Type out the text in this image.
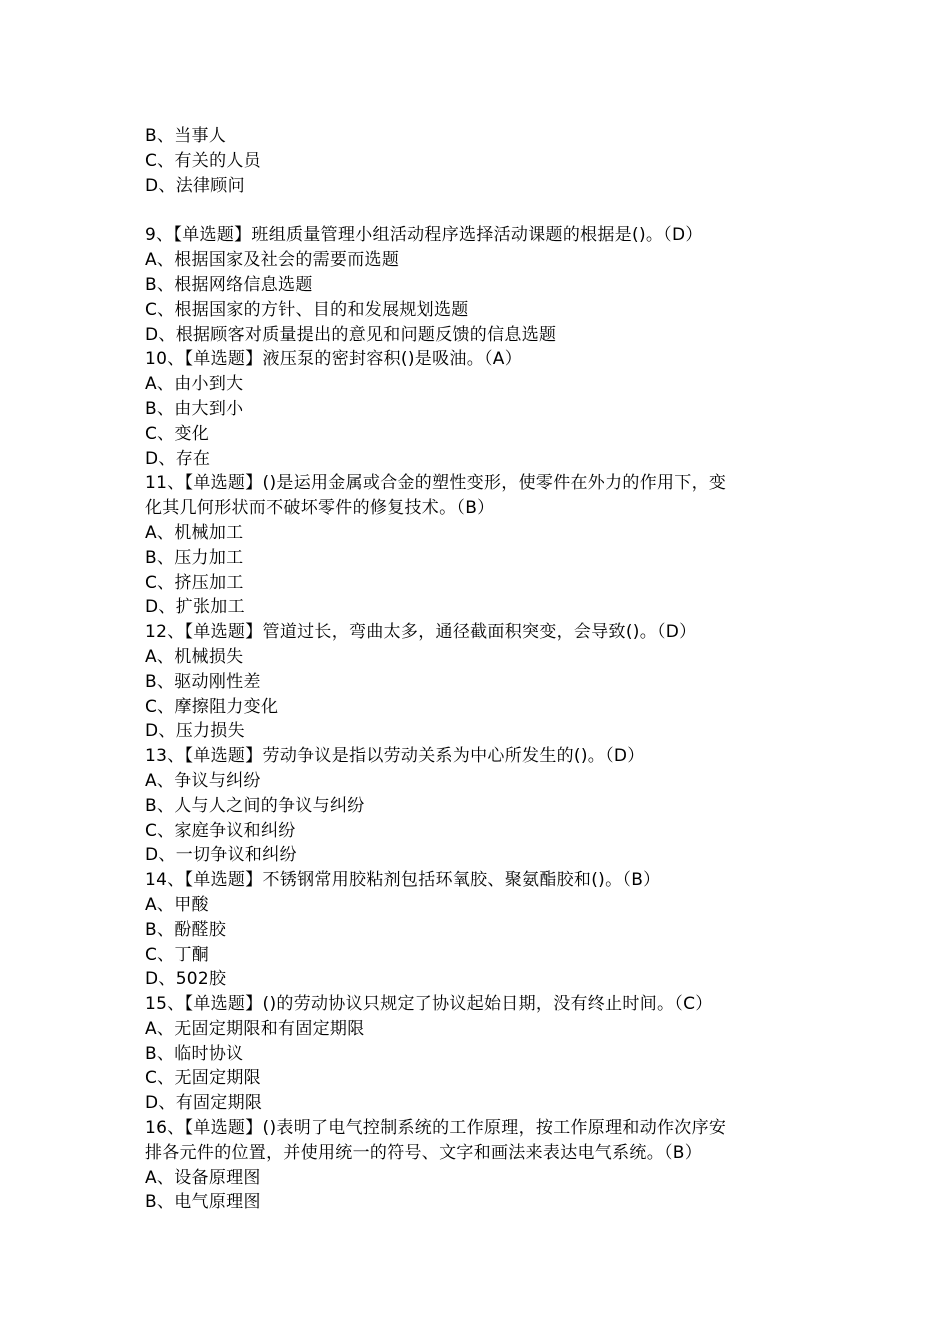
B、当事人
C、有关的人员
D、法律顾问
9、【单选题】班组质量管理小组活动程序选择活动课题的根据是()。（D）
A、根据国家及社会的需要而选题
B、根据网络信息选题
C、根据国家的方针、目的和发展规划选题
D、根据顾客对质量提出的意见和问题反馈的信息选题
10、【单选题】液压泵的密封容积()是吸油。（A）
A、由小到大
B、由大到小
C、变化
D、存在
11、【单选题】()是运用金属或合金的塑性变形，使零件在外力的作用下，变
化其几何形状而不破坏零件的修复技术。（B）
A、机械加工
B、压力加工
C、挤压加工
D、扩张加工
12、【单选题】管道过长，弯曲太多，通径截面积突变，会导致()。（D）
A、机械损失
B、驱动刚性差
C、摩擦阻力变化
D、压力损失
13、【单选题】劳动争议是指以劳动关系为中心所发生的()。（D）
A、争议与纠纷
B、人与人之间的争议与纠纷
C、家庭争议和纠纷
D、一切争议和纠纷
14、【单选题】不锈钢常用胶粘剂包括环氧胶、聚氨酯胶和()。（B）
A、甲酸
B、酚醛胶
C、丁酮
D、502胶
15、【单选题】()的劳动协议只规定了协议起始日期，没有终止时间。（C）
A、无固定期限和有固定期限
B、临时协议
C、无固定期限
D、有固定期限
16、【单选题】()表明了电气控制系统的工作原理，按工作原理和动作次序安
排各元件的位置，并使用统一的符号、文字和画法来表达电气系统。（B）
A、设备原理图
B、电气原理图
